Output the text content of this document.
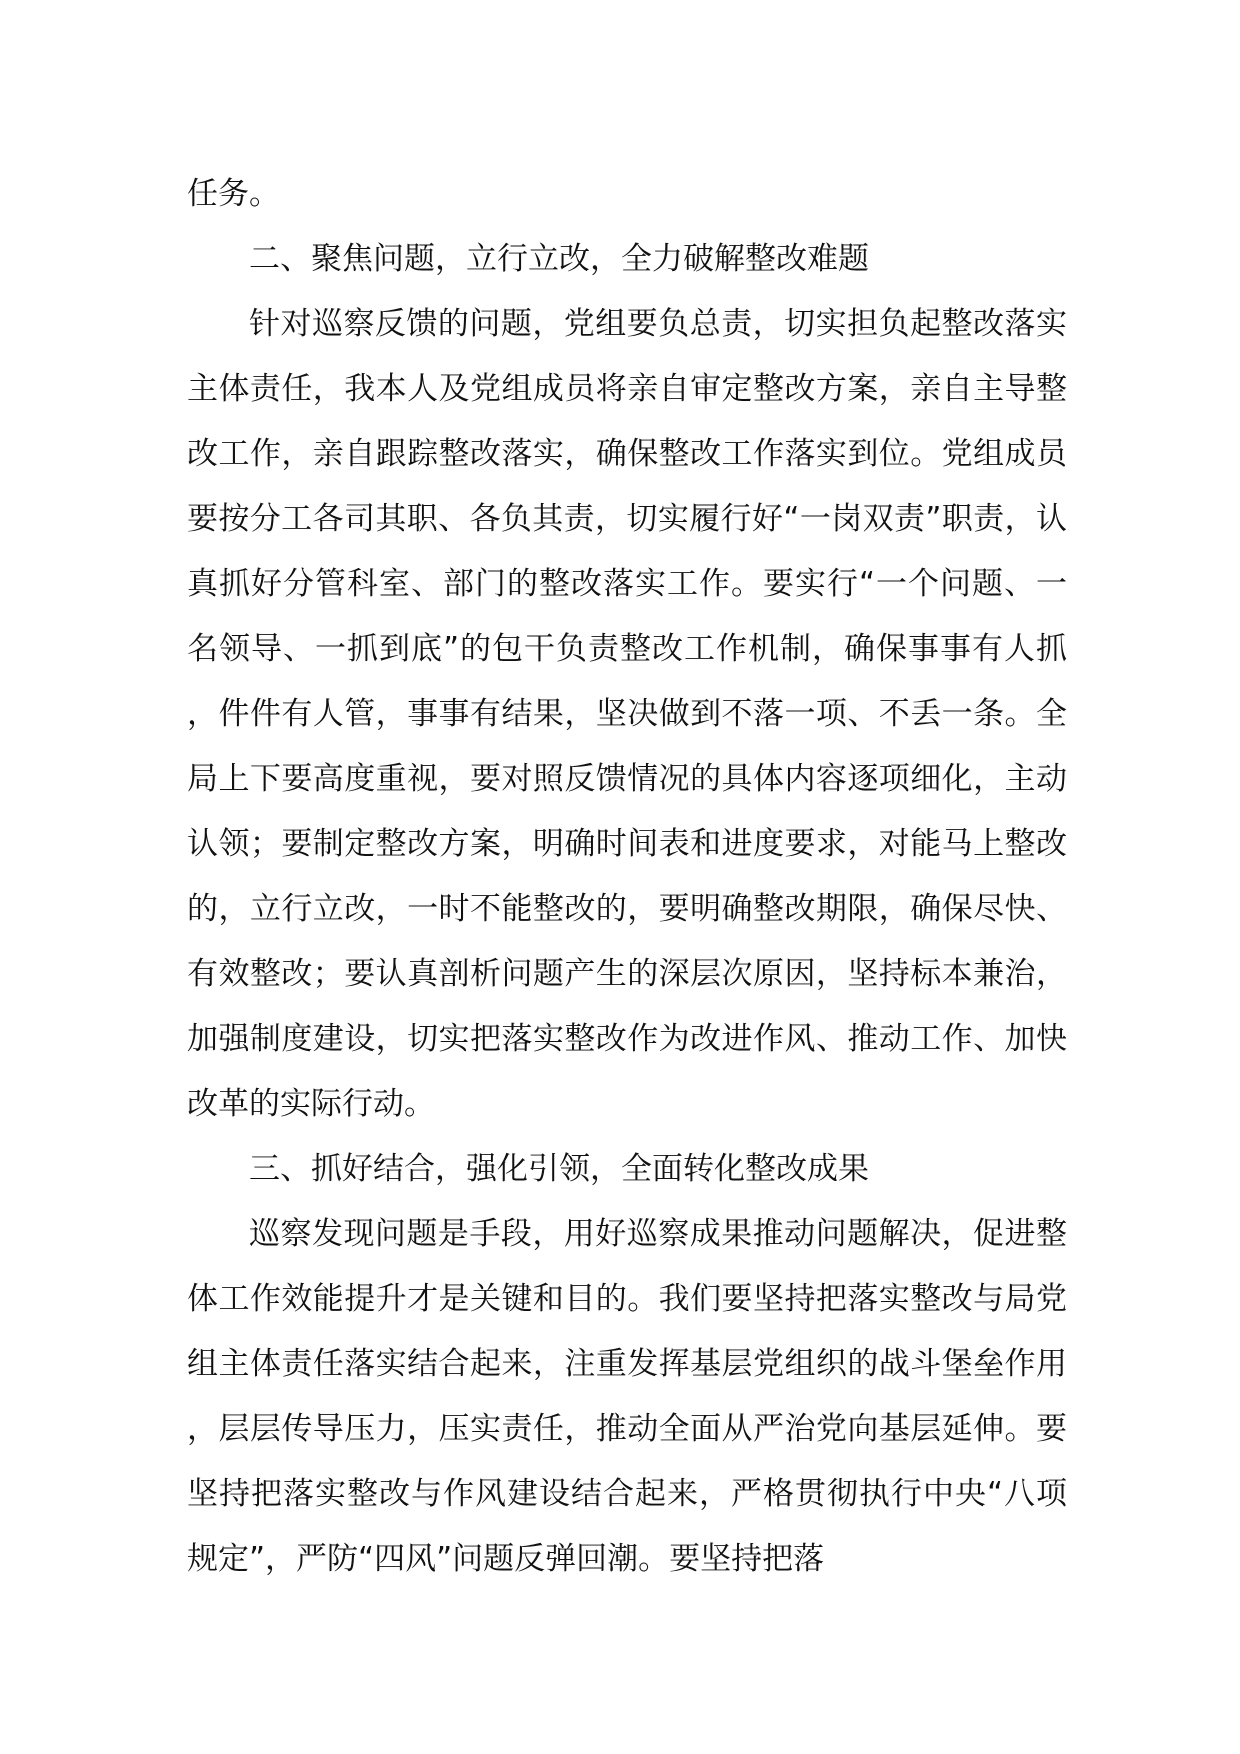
任务。

二、聚焦问题，立行立改，全力破解整改难题

针对巡察反馈的问题，党组要负总责，切实担负起整改落实主体责任，我本人及党组成员将亲自审定整改方案，亲自主导整改工作，亲自跟踪整改落实，确保整改工作落实到位。党组成员要按分工各司其职、各负其责，切实履行好“一岗双责”职责，认真抓好分管科室、部门的整改落实工作。要实行“一个问题、一名领导、一抓到底”的包干负责整改工作机制，确保事事有人抓，件件有人管，事事有结果，坚决做到不落一项、不丢一条。全局上下要高度重视，要对照反馈情况的具体内容逐项细化，主动认领；要制定整改方案，明确时间表和进度要求，对能马上整改的，立行立改，一时不能整改的，要明确整改期限，确保尽快、有效整改；要认真剖析问题产生的深层次原因，坚持标本兼治，加强制度建设，切实把落实整改作为改进作风、推动工作、加快改革的实际行动。

三、抓好结合，强化引领，全面转化整改成果

巡察发现问题是手段，用好巡察成果推动问题解决，促进整体工作效能提升才是关键和目的。我们要坚持把落实整改与局党组主体责任落实结合起来，注重发挥基层党组织的战斗堡垒作用，层层传导压力，压实责任，推动全面从严治党向基层延伸。要坚持把落实整改与作风建设结合起来，严格贯彻执行中央“八项规定”，严防“四风”问题反弹回潮。要坚持把落
